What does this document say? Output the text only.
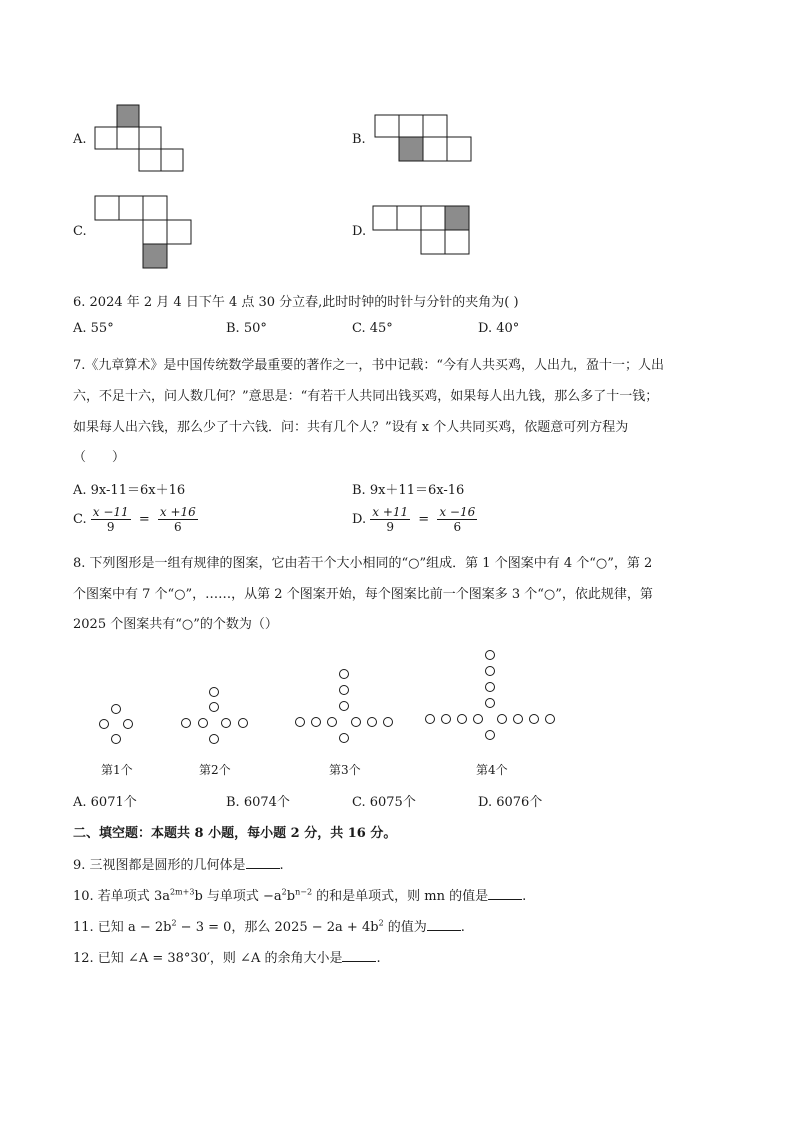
A.	B.
C.	D.
6. 2024 年 2 月 4 日下午 4 点 30 分立春,此时时钟的时针与分针的夹角为( )
A. 55°	B. 50°	C. 45°	D. 40°
7.《九章算术》是中国传统数学最重要的著作之一，书中记载：“今有人共买鸡，人出九，盈十一；人出
六，不足十六，问人数几何？”意思是：“有若干人共同出钱买鸡，如果每人出九钱，那么多了十一钱；
如果每人出六钱，那么少了十六钱．问：共有几个人？”设有 x 个人共同买鸡，依题意可列方程为
（　　）
A. 9x-11＝6x＋16	B. 9x＋11＝6x-16
C. $\frac{x -11}{9} = \frac{x +16}{6}$	D. $\frac{x +11}{9} = \frac{x -16}{6}$
8. 下列图形是一组有规律的图案，它由若干个大小相同的“○”组成．第 1 个图案中有 4 个“○”，第 2
个图案中有 7 个“○”，……，从第 2 个图案开始，每个图案比前一个图案多 3 个“○”，依此规律，第
2025 个图案共有“○”的个数为（）
第1个	第2个	第3个	第4个
A. 6071个	B. 6074个	C. 6075个	D. 6076个
二、填空题：本题共 8 小题，每小题 2 分，共 16 分。
9. 三视图都是圆形的几何体是	.
10. 若单项式 $3a^{2m+3}b$ 与单项式 $-a^2b^{n-2}$ 的和是单项式，则 mn 的值是	.
11. 已知 $a - 2b^2 - 3 = 0$，那么 $2025 - 2a + 4b^2$ 的值为	.
12. 已知 ∠A = 38°30′，则 ∠A 的余角大小是	.
